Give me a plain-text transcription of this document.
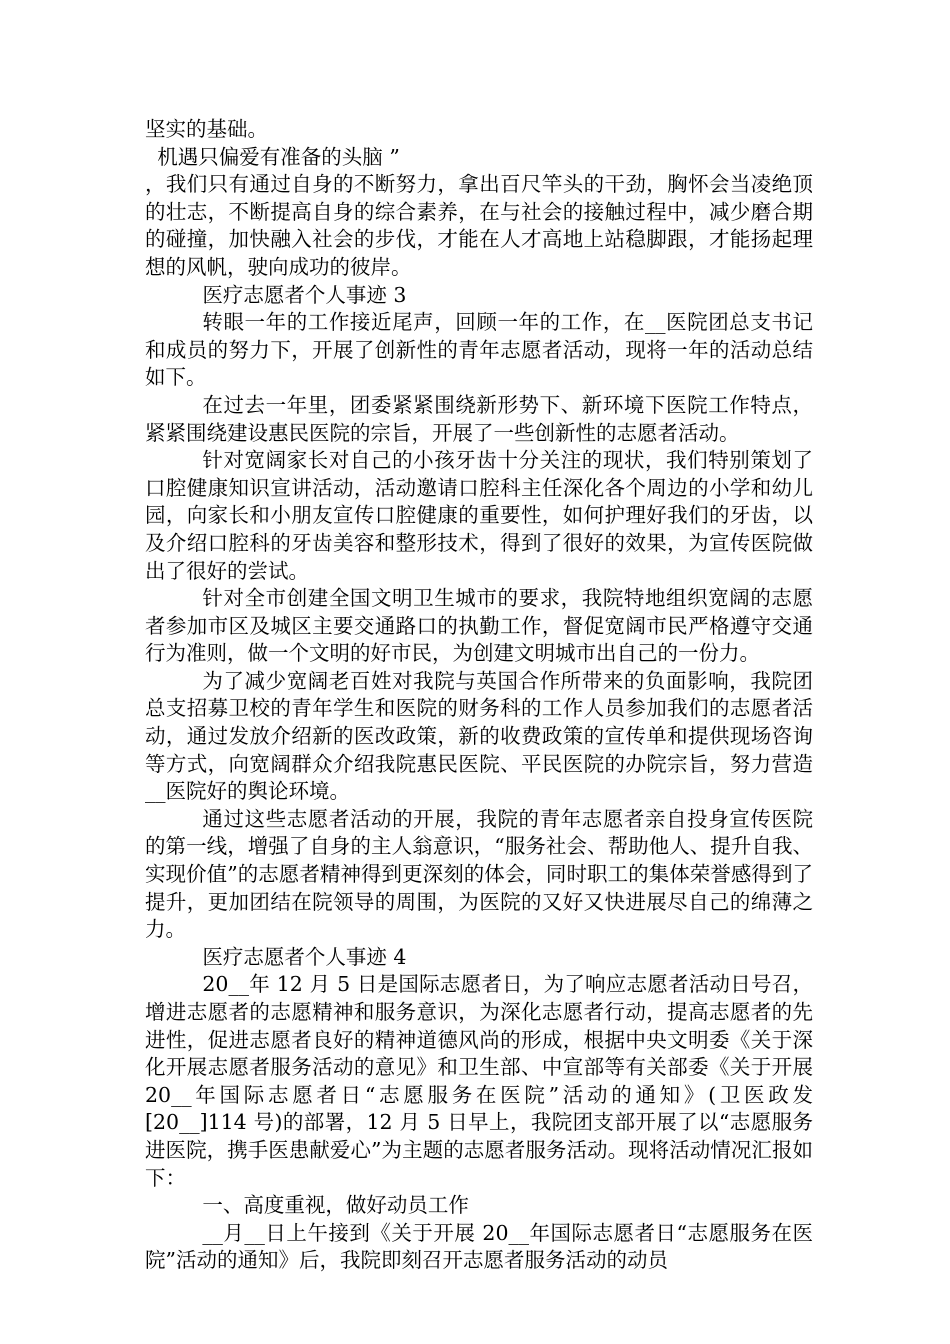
坚实的基础。

机遇只偏爱有准备的头脑 ”

，我们只有通过自身的不断努力，拿出百尺竿头的干劲，胸怀会当凌绝顶的壮志，不断提高自身的综合素养，在与社会的接触过程中，减少磨合期的碰撞，加快融入社会的步伐，才能在人才高地上站稳脚跟，才能扬起理想的风帆，驶向成功的彼岸。

医疗志愿者个人事迹 3

转眼一年的工作接近尾声，回顾一年的工作，在__医院团总支书记和成员的努力下，开展了创新性的青年志愿者活动，现将一年的活动总结如下。

在过去一年里，团委紧紧围绕新形势下、新环境下医院工作特点，紧紧围绕建设惠民医院的宗旨，开展了一些创新性的志愿者活动。

针对宽阔家长对自己的小孩牙齿十分关注的现状，我们特别策划了口腔健康知识宣讲活动，活动邀请口腔科主任深化各个周边的小学和幼儿园，向家长和小朋友宣传口腔健康的重要性，如何护理好我们的牙齿，以及介绍口腔科的牙齿美容和整形技术，得到了很好的效果，为宣传医院做出了很好的尝试。

针对全市创建全国文明卫生城市的要求，我院特地组织宽阔的志愿者参加市区及城区主要交通路口的执勤工作，督促宽阔市民严格遵守交通行为准则，做一个文明的好市民，为创建文明城市出自己的一份力。

为了减少宽阔老百姓对我院与英国合作所带来的负面影响，我院团总支招募卫校的青年学生和医院的财务科的工作人员参加我们的志愿者活动，通过发放介绍新的医改政策，新的收费政策的宣传单和提供现场咨询等方式，向宽阔群众介绍我院惠民医院、平民医院的办院宗旨，努力营造__医院好的舆论环境。

通过这些志愿者活动的开展，我院的青年志愿者亲自投身宣传医院的第一线，增强了自身的主人翁意识，“服务社会、帮助他人、提升自我、实现价值”的志愿者精神得到更深刻的体会，同时职工的集体荣誉感得到了提升，更加团结在院领导的周围，为医院的又好又快进展尽自己的绵薄之力。

医疗志愿者个人事迹 4

20__年 12 月 5 日是国际志愿者日，为了响应志愿者活动日号召，增进志愿者的志愿精神和服务意识，为深化志愿者行动，提高志愿者的先进性，促进志愿者良好的精神道德风尚的形成，根据中央文明委《关于深化开展志愿者服务活动的意见》和卫生部、中宣部等有关部委《关于开展 20__年国际志愿者日“志愿服务在医院”活动的通知》(卫医政发[20__]114 号)的部署，12 月 5 日早上，我院团支部开展了以“志愿服务进医院，携手医患献爱心”为主题的志愿者服务活动。现将活动情况汇报如下：

一、高度重视，做好动员工作

__月__日上午接到《关于开展 20__年国际志愿者日“志愿服务在医院”活动的通知》后，我院即刻召开志愿者服务活动的动员
